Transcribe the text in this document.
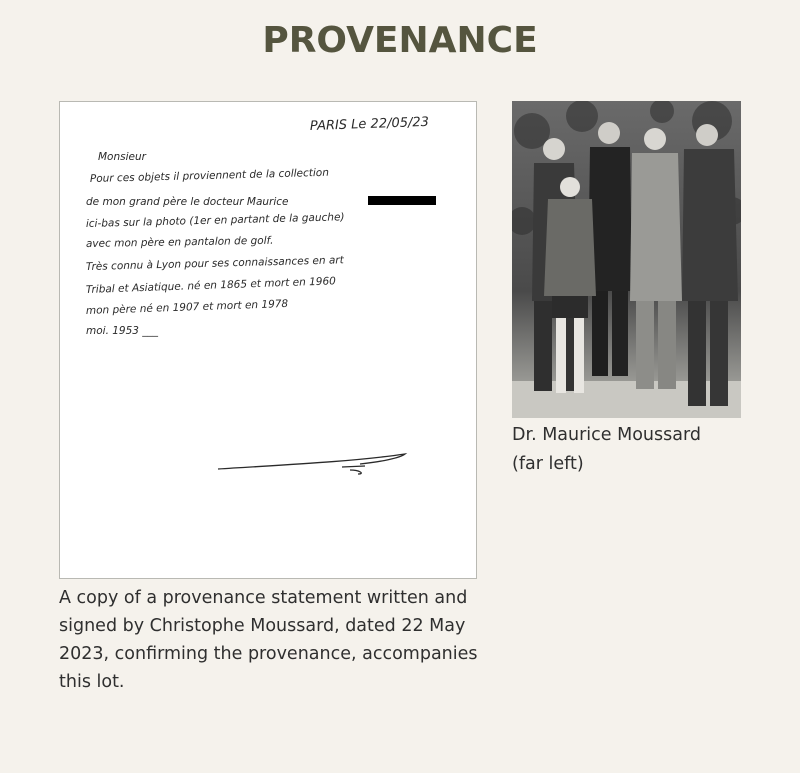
PROVENANCE
PARIS Le 22/05/23
Monsieur
Pour ces objets il proviennent de la collection
de mon grand père le docteur Maurice
ici-bas sur la photo (1er en partant de la gauche)
avec mon père en pantalon de golf.
Très connu à Lyon pour ses connaissances en art
Tribal et Asiatique. né en 1865 et mort en 1960
mon père né en 1907 et mort en 1978
moi. 1953 ___
A copy of a provenance statement written and signed by Christophe Moussard, dated 22 May 2023, confirming the provenance, accompanies this lot.
Dr. Maurice Moussard
(far left)
